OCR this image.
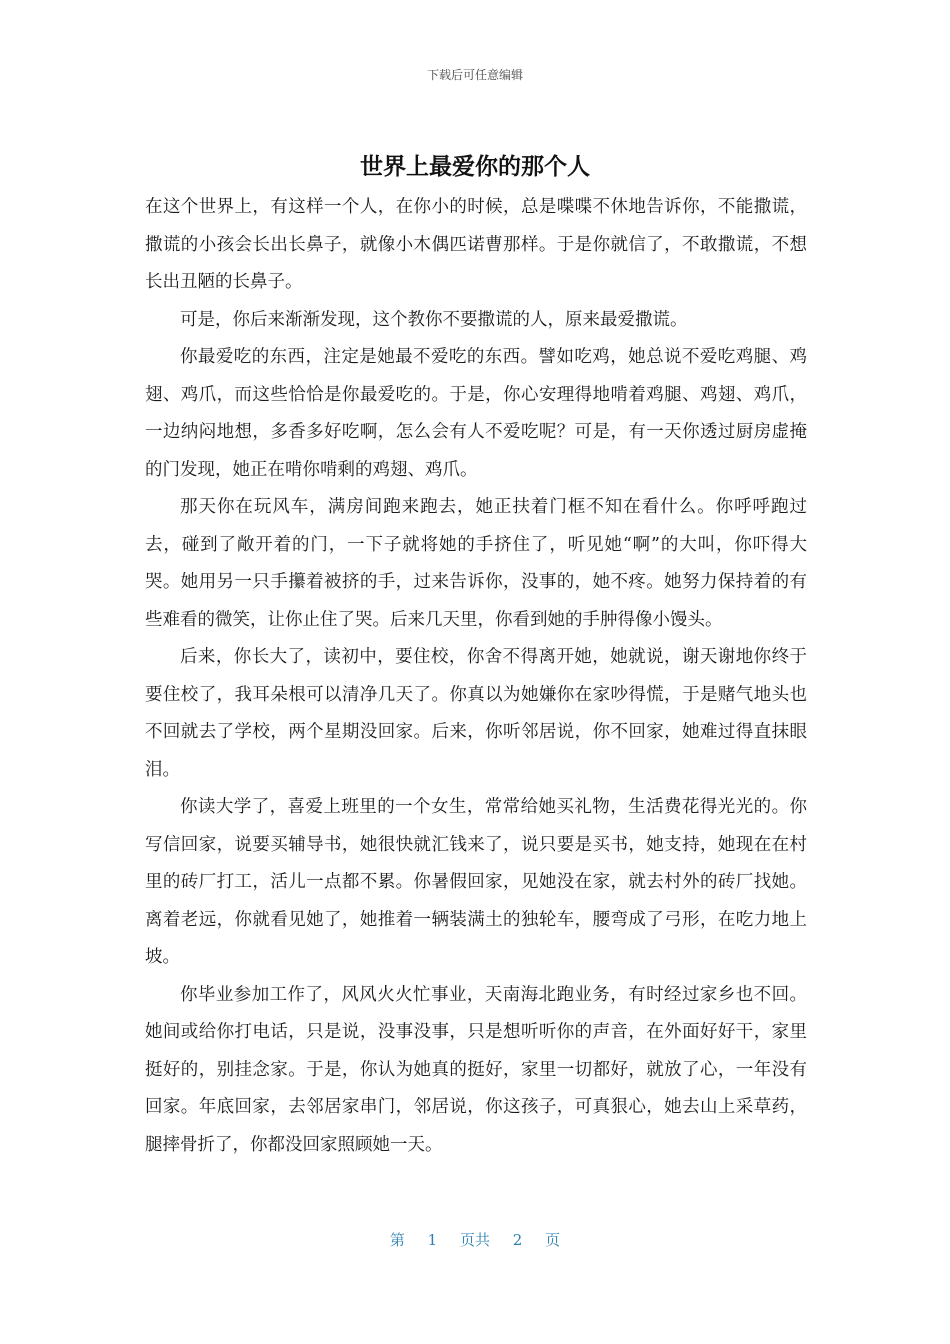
下载后可任意编辑
世界上最爱你的那个人

在这个世界上，有这样一个人，在你小的时候，总是喋喋不休地告诉你，不能撒谎，撒谎的小孩会长出长鼻子，就像小木偶匹诺曹那样。于是你就信了，不敢撒谎，不想长出丑陋的长鼻子。

可是，你后来渐渐发现，这个教你不要撒谎的人，原来最爱撒谎。

你最爱吃的东西，注定是她最不爱吃的东西。譬如吃鸡，她总说不爱吃鸡腿、鸡翅、鸡爪，而这些恰恰是你最爱吃的。于是，你心安理得地啃着鸡腿、鸡翅、鸡爪，一边纳闷地想，多香多好吃啊，怎么会有人不爱吃呢？可是，有一天你透过厨房虚掩的门发现，她正在啃你啃剩的鸡翅、鸡爪。

那天你在玩风车，满房间跑来跑去，她正扶着门框不知在看什么。你呼呼跑过去，碰到了敞开着的门，一下子就将她的手挤住了，听见她“啊”的大叫，你吓得大哭。她用另一只手攥着被挤的手，过来告诉你，没事的，她不疼。她努力保持着的有些难看的微笑，让你止住了哭。后来几天里，你看到她的手肿得像小馒头。

后来，你长大了，读初中，要住校，你舍不得离开她，她就说，谢天谢地你终于要住校了，我耳朵根可以清净几天了。你真以为她嫌你在家吵得慌，于是赌气地头也不回就去了学校，两个星期没回家。后来，你听邻居说，你不回家，她难过得直抹眼泪。

你读大学了，喜爱上班里的一个女生，常常给她买礼物，生活费花得光光的。你写信回家，说要买辅导书，她很快就汇钱来了，说只要是买书，她支持，她现在在村里的砖厂打工，活儿一点都不累。你暑假回家，见她没在家，就去村外的砖厂找她。离着老远，你就看见她了，她推着一辆装满土的独轮车，腰弯成了弓形，在吃力地上坡。

你毕业参加工作了，风风火火忙事业，天南海北跑业务，有时经过家乡也不回。她间或给你打电话，只是说，没事没事，只是想听听你的声音，在外面好好干，家里挺好的，别挂念家。于是，你认为她真的挺好，家里一切都好，就放了心，一年没有回家。年底回家，去邻居家串门，邻居说，你这孩子，可真狠心，她去山上采草药，腿摔骨折了，你都没回家照顾她一天。

第 1 页共 2 页
